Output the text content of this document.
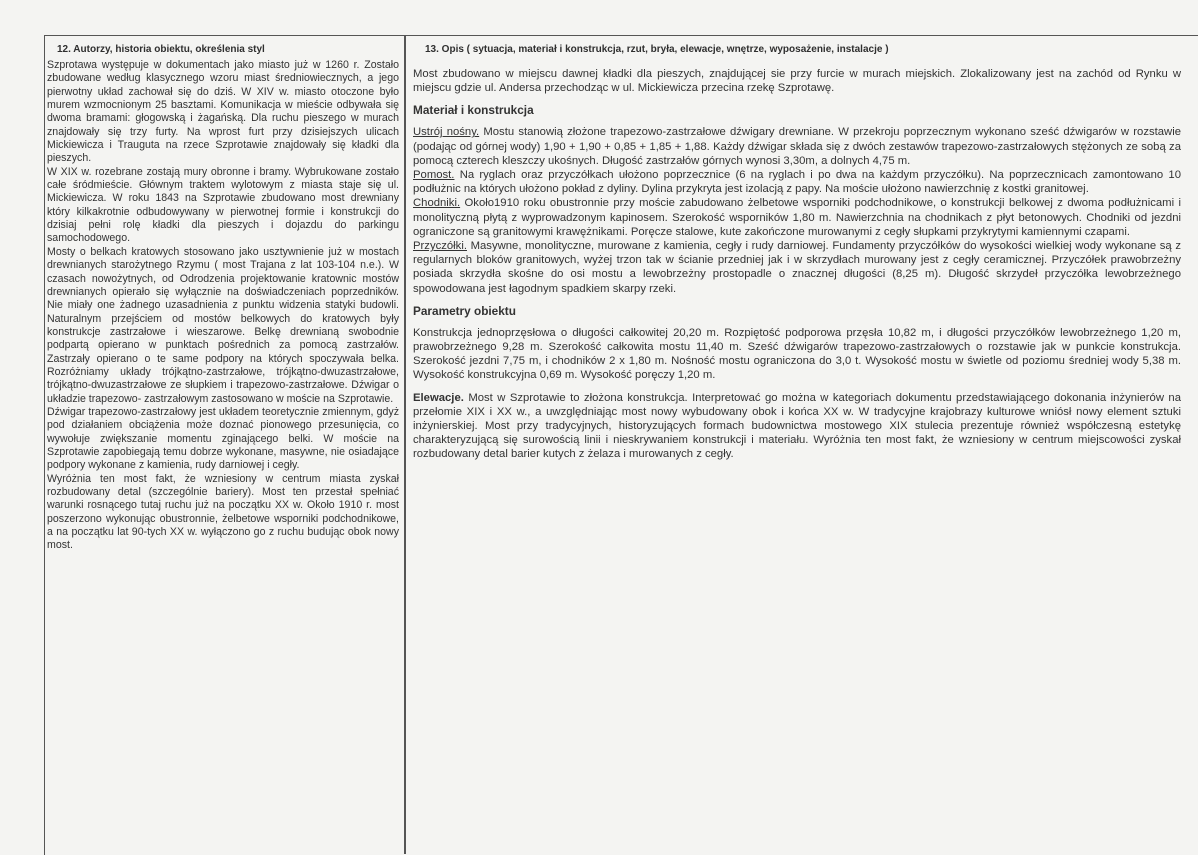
12. Autorzy, historia obiektu, określenia styl

Szprotawa występuje w dokumentach jako miasto już w 1260 r. Zostało zbudowane według klasycznego wzoru miast średniowiecznych, a jego pierwotny układ zachował się do dziś. W XIV w. miasto otoczone było murem wzmocnionym 25 basztami. Komunikacja w mieście odbywała się dwoma bramami: głogowską i żagańską. Dla ruchu pieszego w murach znajdowały się trzy furty. Na wprost furt przy dzisiejszych ulicach Mickiewicza i Trauguta na rzece Szprotawie znajdowały się kładki dla pieszych.

W XIX w. rozebrane zostają mury obronne i bramy. Wybrukowane zostało całe śródmieście. Głównym traktem wylotowym z miasta staje się ul. Mickiewicza. W roku 1843 na Szprotawie zbudowano most drewniany który kilkakrotnie odbudowywany w pierwotnej formie i konstrukcji do dzisiaj pełni rolę kładki dla pieszych i dojazdu do parkingu samochodowego.

Mosty o belkach kratowych stosowano jako usztywnienie już w mostach drewnianych starożytnego Rzymu ( most Trajana z lat 103-104 n.e.). W czasach nowożytnych, od Odrodzenia projektowanie kratownic mostów drewnianych opierało się wyłącznie na doświadczeniach poprzedników. Nie miały one żadnego uzasadnienia z punktu widzenia statyki budowli. Naturalnym przejściem od mostów belkowych do kratowych były konstrukcje zastrzałowe i wieszarowe. Belkę drewnianą swobodnie podpartą opierano w punktach pośrednich za pomocą zastrzałów. Zastrzały opierano o te same podpory na których spoczywała belka. Rozróżniamy układy trójkątno-zastrzałowe, trójkątno-dwuzastrzałowe, trójkątno-dwuzastrzałowe ze słupkiem i trapezowo-zastrzałowe. Dźwigar o układzie trapezowo- zastrzałowym zastosowano w moście na Szprotawie.

Dźwigar trapezowo-zastrzałowy jest układem teoretycznie zmiennym, gdyż pod działaniem obciążenia może doznać pionowego przesunięcia, co wywołuje zwiększanie momentu zginającego belki. W moście na Szprotawie zapobiegają temu dobrze wykonane, masywne, nie osiadające podpory wykonane z kamienia, rudy darniowej i cegły.

Wyróżnia ten most fakt, że wzniesiony w centrum miasta zyskał rozbudowany detal (szczególnie bariery). Most ten przestał spełniać warunki rosnącego tutaj ruchu już na początku XX w. Około 1910 r. most poszerzono wykonując obustronnie, żelbetowe wsporniki podchodnikowe, a na początku lat 90-tych XX w. wyłączono go z ruchu budując obok nowy most.

13. Opis ( sytuacja, materiał i konstrukcja, rzut, bryła, elewacje, wnętrze, wyposażenie, instalacje )

Most zbudowano w miejscu dawnej kładki dla pieszych, znajdującej sie przy furcie w murach miejskich. Zlokalizowany jest na zachód od Rynku w miejscu gdzie ul. Andersa przechodząc w ul. Mickiewicza przecina rzekę Szprotawę.

Materiał i konstrukcja

Ustrój nośny. Mostu stanowią złożone trapezowo-zastrzałowe dźwigary drewniane. W przekroju poprzecznym wykonano sześć dźwigarów w rozstawie (podając od górnej wody) 1,90 + 1,90 + 0,85 + 1,85 + 1,88. Każdy dźwigar składa się z dwóch zestawów trapezowo-zastrzałowych stężonych ze sobą za pomocą czterech kleszczy ukośnych. Długość zastrzałów górnych wynosi 3,30m, a dolnych 4,75 m.

Pomost. Na ryglach oraz przyczółkach ułożono poprzecznice (6 na ryglach i po dwa na każdym przyczółku). Na poprzecznicach zamontowano 10 podłużnic na których ułożono pokład z dyliny. Dylina przykryta jest izolacją z papy. Na moście ułożono nawierzchnię z kostki granitowej.

Chodniki. Około1910 roku obustronnie przy moście zabudowano żelbetowe wsporniki podchodnikowe, o konstrukcji belkowej z dwoma podłużnicami i monolityczną płytą z wyprowadzonym kapinosem. Szerokość wsporników 1,80 m. Nawierzchnia na chodnikach z płyt betonowych. Chodniki od jezdni ograniczone są granitowymi krawężnikami. Poręcze stalowe, kute zakończone murowanymi z cegły słupkami przykrytymi kamiennymi czapami.

Przyczółki. Masywne, monolityczne, murowane z kamienia, cegły i rudy darniowej. Fundamenty przyczółków do wysokości wielkiej wody wykonane są z regularnych bloków granitowych, wyżej trzon tak w ścianie przedniej jak i w skrzydłach murowany jest z cegły ceramicznej. Przyczółek prawobrzeżny posiada skrzydła skośne do osi mostu a lewobrzeżny prostopadle o znacznej długości (8,25 m). Długość skrzydeł przyczółka lewobrzeżnego spowodowana jest łagodnym spadkiem skarpy rzeki.

Parametry obiektu

Konstrukcja jednoprzęsłowa o długości całkowitej 20,20 m. Rozpiętość podporowa przęsła 10,82 m, i długości przyczółków lewobrzeżnego 1,20 m, prawobrzeżnego 9,28 m. Szerokość całkowita mostu 11,40 m. Sześć dźwigarów trapezowo-zastrzałowych o rozstawie jak w punkcie konstrukcja. Szerokość jezdni 7,75 m, i chodników 2 x 1,80 m. Nośność mostu ograniczona do 3,0 t. Wysokość mostu w świetle od poziomu średniej wody 5,38 m. Wysokość konstrukcyjna 0,69 m. Wysokość poręczy 1,20 m.

Elewacje. Most w Szprotawie to złożona konstrukcja. Interpretować go można w kategoriach dokumentu przedstawiającego dokonania inżynierów na przełomie XIX i XX w., a uwzględniając most nowy wybudowany obok i końca XX w. W tradycyjne krajobrazy kulturowe wniósł nowy element sztuki inżynierskiej. Most przy tradycyjnych, historyzujących formach budownictwa mostowego XIX stulecia prezentuje również współczesną estetykę charakteryzującą się surowością linii i nieskrywaniem konstrukcji i materiału. Wyróżnia ten most fakt, że wzniesiony w centrum miejscowości zyskał rozbudowany detal barier kutych z żelaza i murowanych z cegły.
